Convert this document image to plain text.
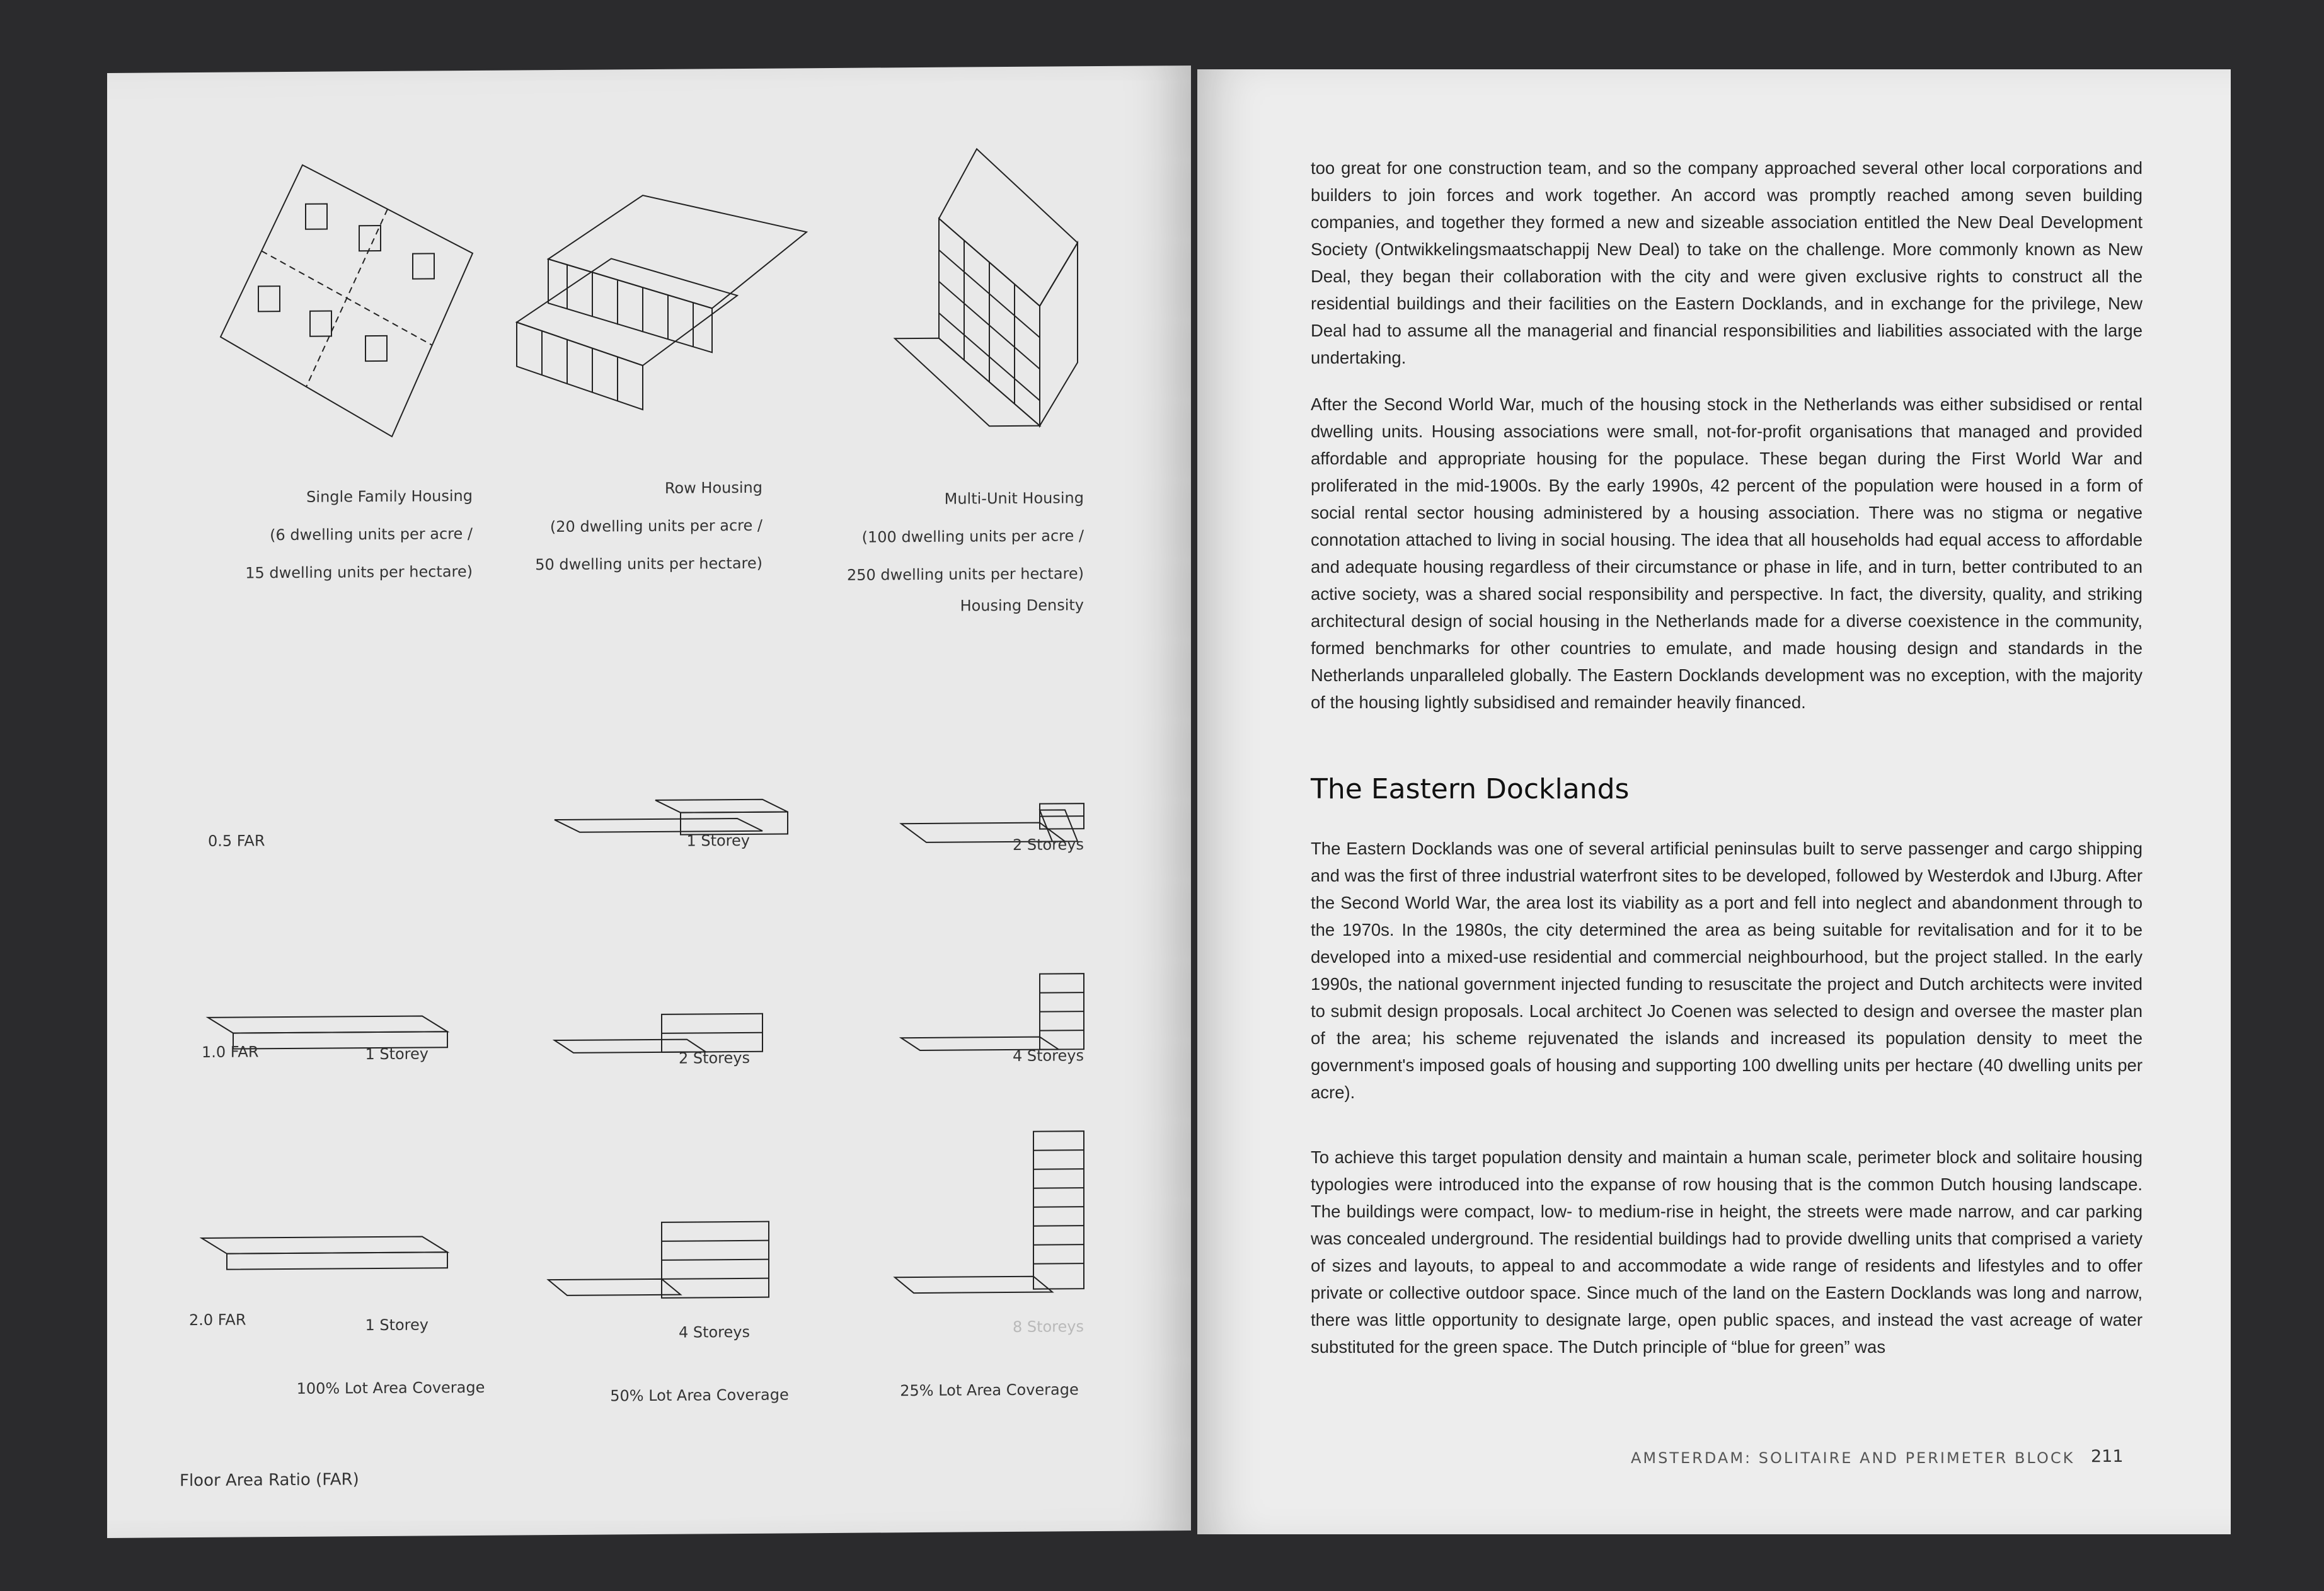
Single Family Housing

(6 dwelling units per acre /

15 dwelling units per hectare)

Row Housing

(20 dwelling units per acre /

50 dwelling units per hectare)

Multi-Unit Housing

(100 dwelling units per acre /

250 dwelling units per hectare)

Housing Density
0.5 FAR	1 Storey	2 Storeys
1.0 FAR	1 Storey	2 Storeys	4 Storeys
2.0 FAR	1 Storey	4 Storeys	8 Storeys
100% Lot Area Coverage	50% Lot Area Coverage	25% Lot Area Coverage
Floor Area Ratio (FAR)
too great for one construction team, and so the company approached several other local corporations and builders to join forces and work together. An accord was promptly reached among seven building companies, and together they formed a new and sizeable association entitled the New Deal Development Society (Ontwikkelingsmaatschappij New Deal) to take on the challenge. More commonly known as New Deal, they began their collaboration with the city and were given exclusive rights to construct all the residential buildings and their facilities on the Eastern Docklands, and in exchange for the privilege, New Deal had to assume all the managerial and financial responsibilities and liabilities associated with the large undertaking.
After the Second World War, much of the housing stock in the Netherlands was either subsidised or rental dwelling units. Housing associations were small, not-for-profit organisations that managed and provided affordable and appropriate housing for the populace. These began during the First World War and proliferated in the mid-1900s. By the early 1990s, 42 percent of the population were housed in a form of social rental sector housing administered by a housing association. There was no stigma or negative connotation attached to living in social housing. The idea that all households had equal access to affordable and adequate housing regardless of their circumstance or phase in life, and in turn, better contributed to an active society, was a shared social responsibility and perspective. In fact, the diversity, quality, and striking architectural design of social housing in the Netherlands made for a diverse coexistence in the community, formed benchmarks for other countries to emulate, and made housing design and standards in the Netherlands unparalleled globally. The Eastern Docklands development was no exception, with the majority of the housing lightly subsidised and remainder heavily financed.
The Eastern Docklands
The Eastern Docklands was one of several artificial peninsulas built to serve passenger and cargo shipping and was the first of three industrial waterfront sites to be developed, followed by Westerdok and IJburg. After the Second World War, the area lost its viability as a port and fell into neglect and abandonment through to the 1970s. In the 1980s, the city determined the area as being suitable for revitalisation and for it to be developed into a mixed-use residential and commercial neighbourhood, but the project stalled. In the early 1990s, the national government injected funding to resuscitate the project and Dutch architects were invited to submit design proposals. Local architect Jo Coenen was selected to design and oversee the master plan of the area; his scheme rejuvenated the islands and increased its population density to meet the government's imposed goals of housing and supporting 100 dwelling units per hectare (40 dwelling units per acre).
To achieve this target population density and maintain a human scale, perimeter block and solitaire housing typologies were introduced into the expanse of row housing that is the common Dutch housing landscape. The buildings were compact, low- to medium-rise in height, the streets were made narrow, and car parking was concealed underground. The residential buildings had to provide dwelling units that comprised a variety of sizes and layouts, to appeal to and accommodate a wide range of residents and lifestyles and to offer private or collective outdoor space. Since much of the land on the Eastern Docklands was long and narrow, there was little opportunity to designate large, open public spaces, and instead the vast acreage of water substituted for the green space. The Dutch principle of “blue for green” was
AMSTERDAM: SOLITAIRE AND PERIMETER BLOCK 211
